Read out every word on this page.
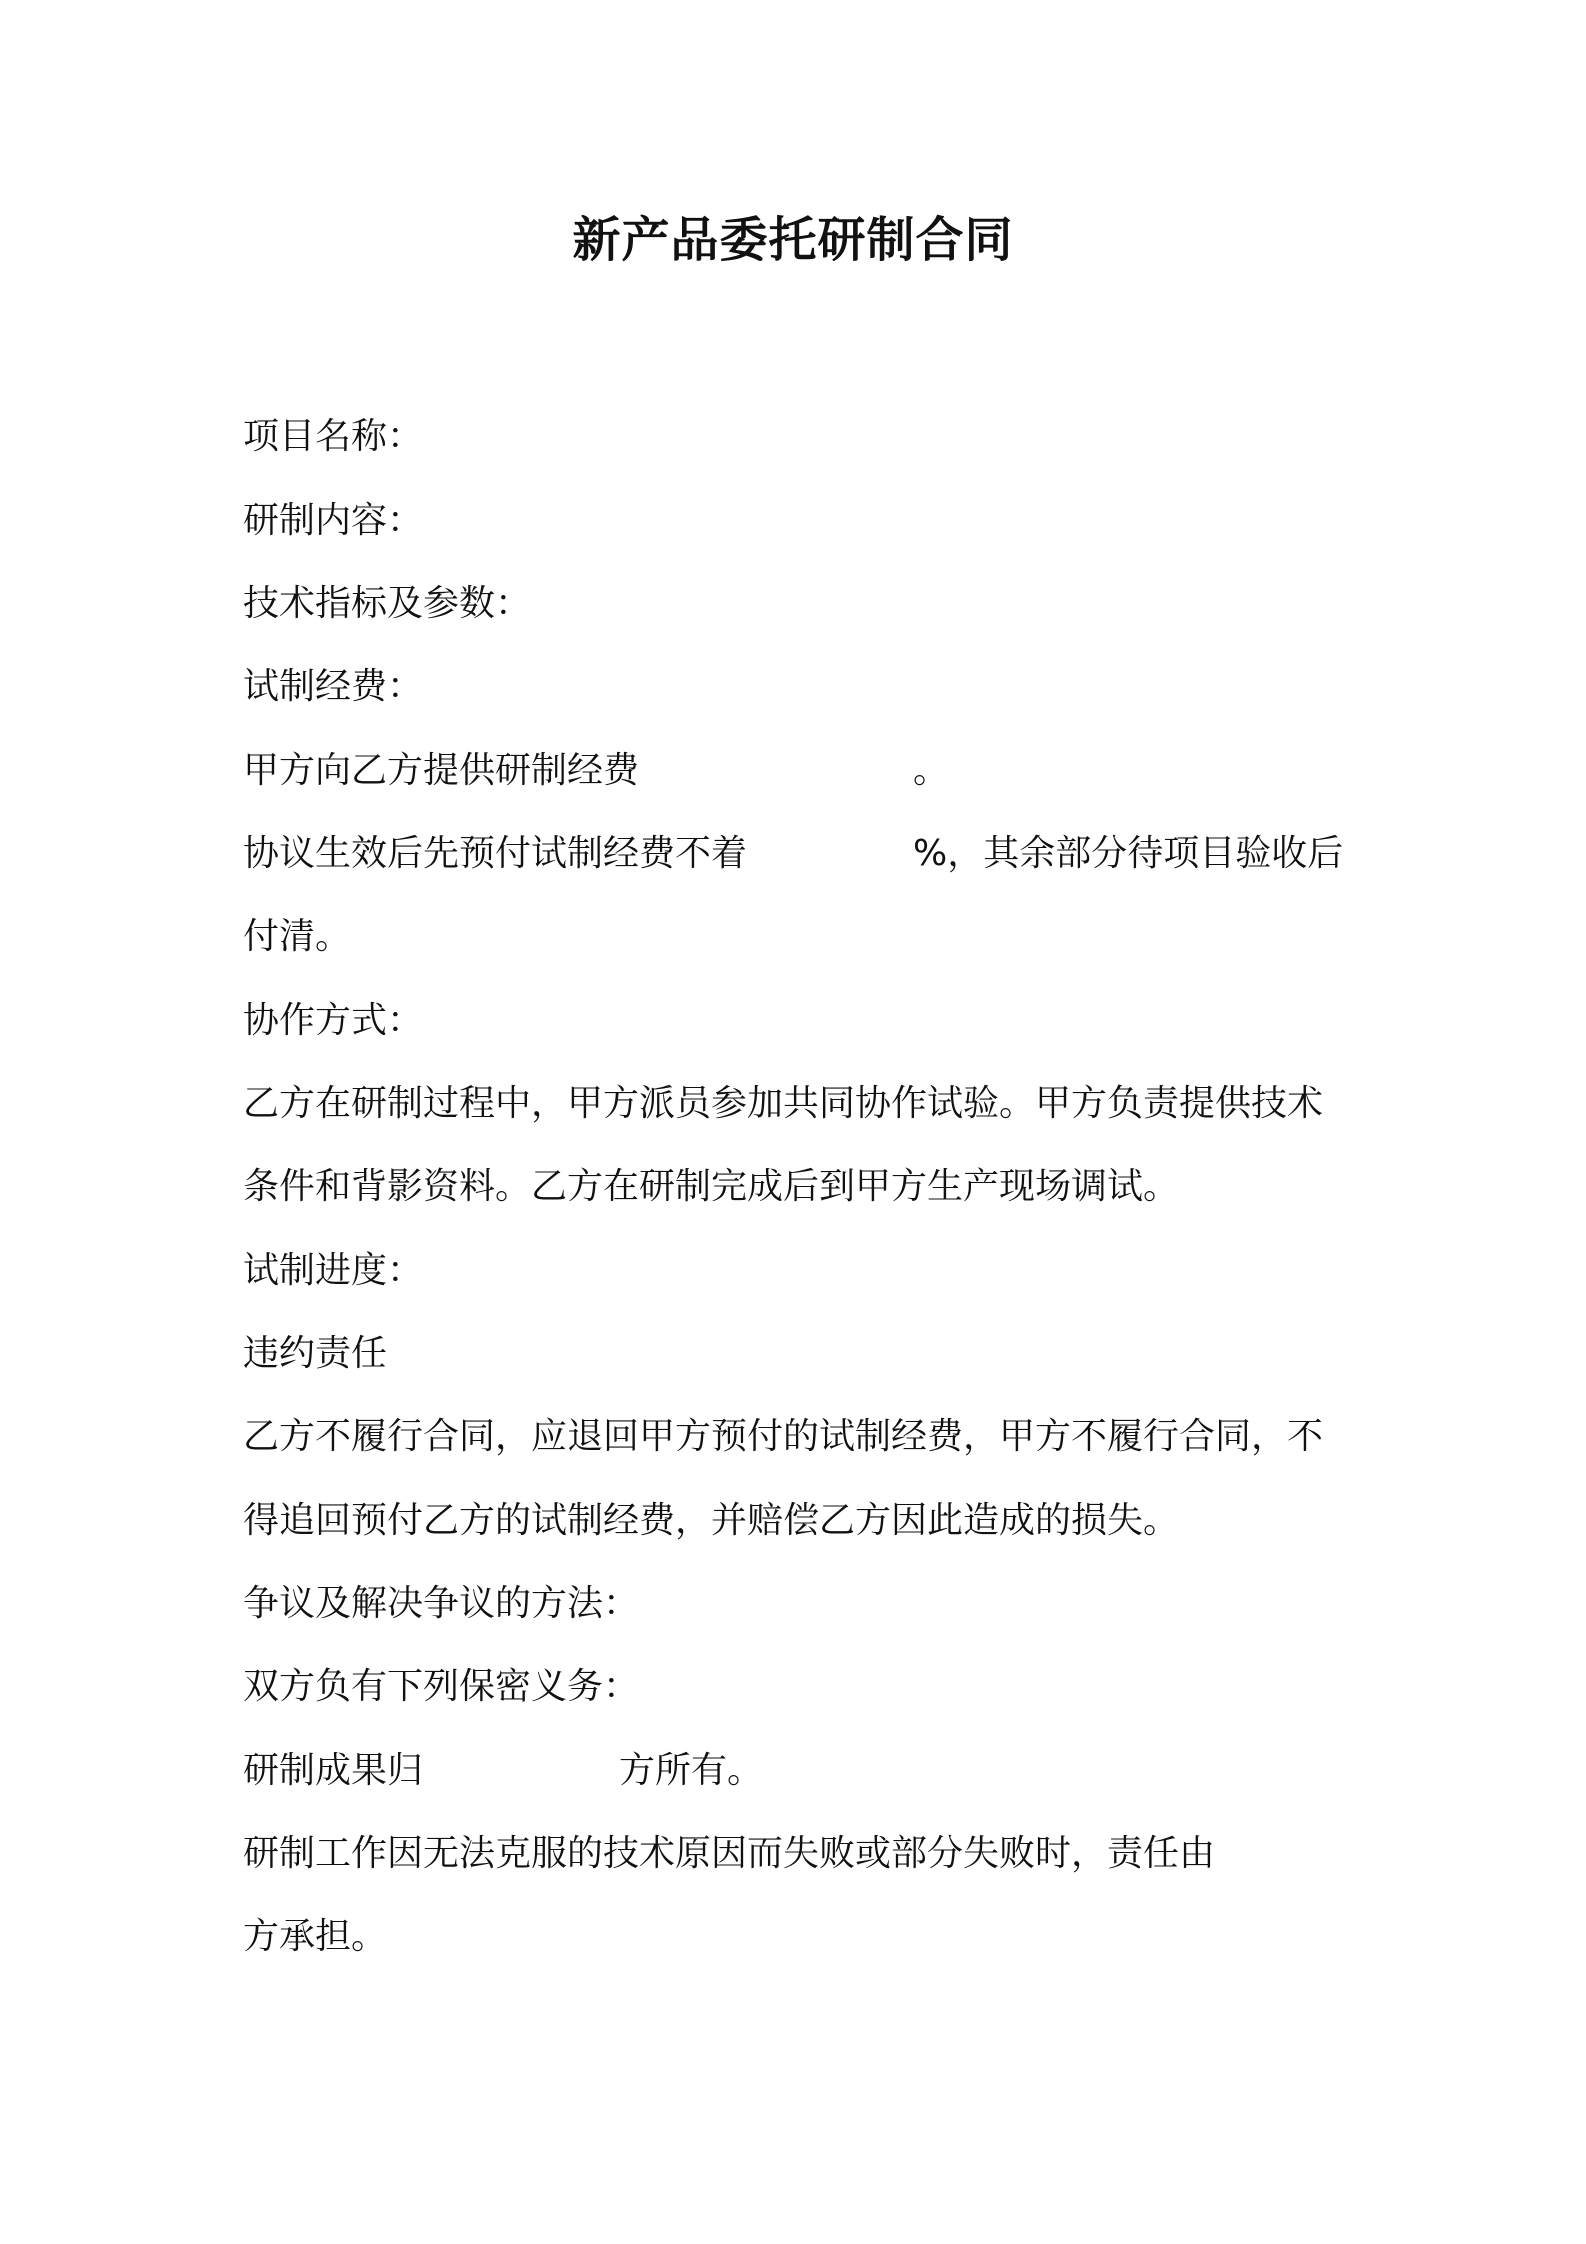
新产品委托研制合同
项目名称：
研制内容：
技术指标及参数：
试制经费：
甲方向乙方提供研制经费	。
协议生效后先预付试制经费不着	%，其余部分待项目验收后
付清。
协作方式：
乙方在研制过程中，甲方派员参加共同协作试验。甲方负责提供技术
条件和背影资料。乙方在研制完成后到甲方生产现场调试。
试制进度：
违约责任
乙方不履行合同，应退回甲方预付的试制经费，甲方不履行合同，不
得追回预付乙方的试制经费，并赔偿乙方因此造成的损失。
争议及解决争议的方法：
双方负有下列保密义务：
研制成果归	方所有。
研制工作因无法克服的技术原因而失败或部分失败时，责任由
方承担。
